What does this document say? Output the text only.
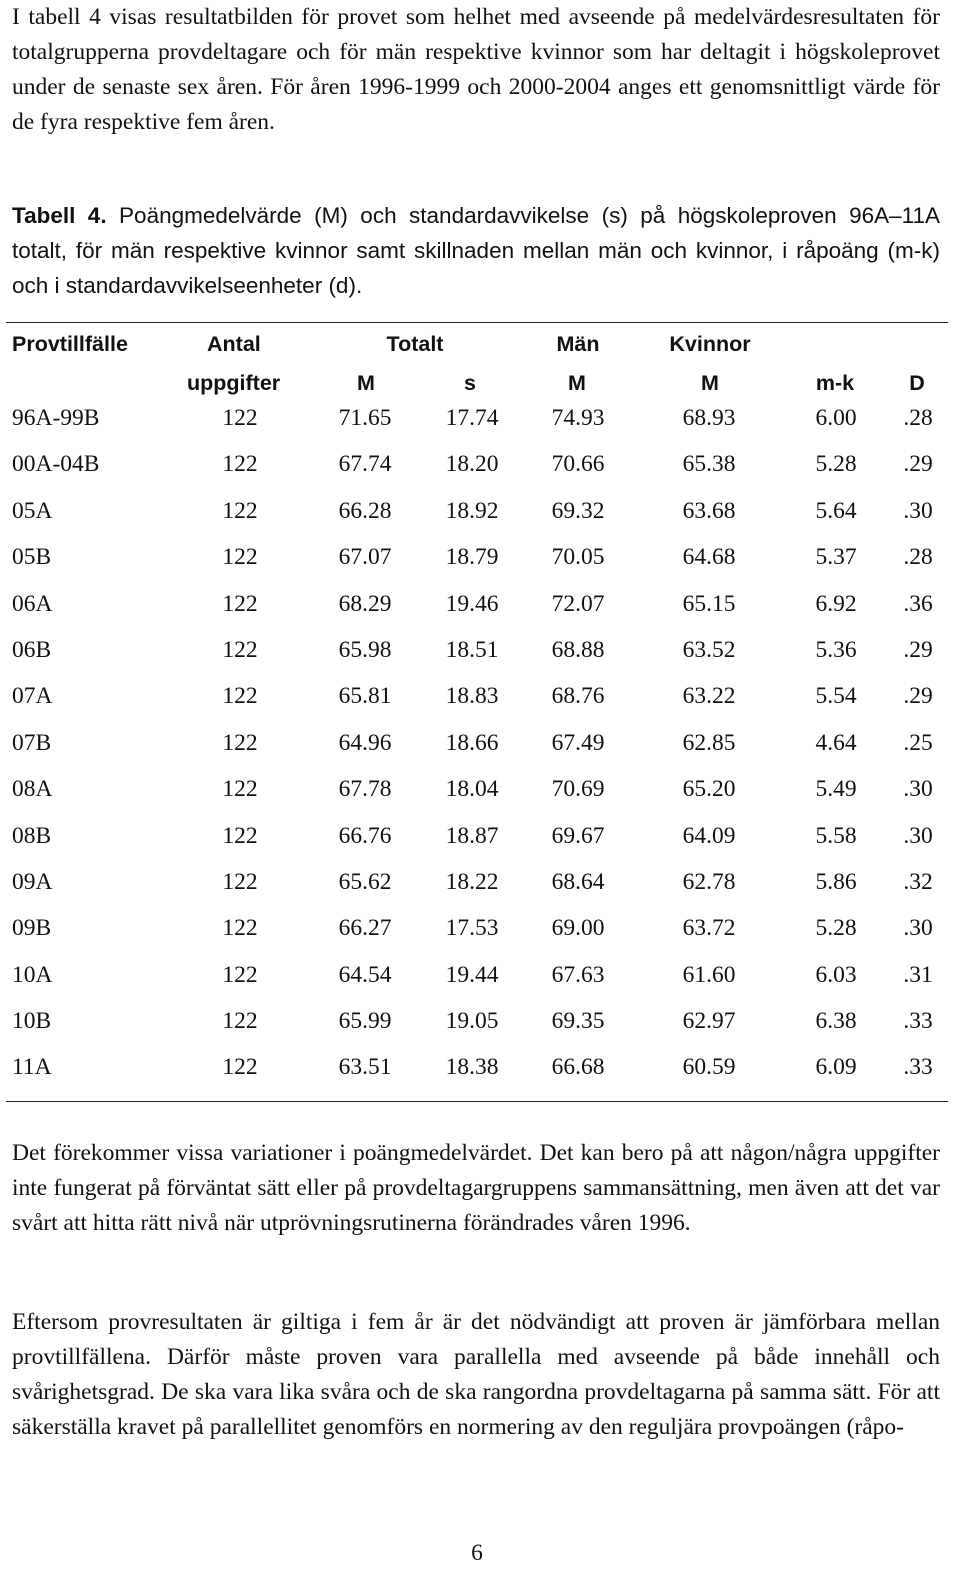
I tabell 4 visas resultatbilden för provet som helhet med avseende på medelvärdesresultaten för totalgrupperna provdeltagare och för män respektive kvinnor som har deltagit i högskoleprovet under de senaste sex åren. För åren 1996-1999 och 2000-2004 anges ett genomsnittligt värde för de fyra respektive fem åren.

Tabell 4. Poängmedelvärde (M) och standardavvikelse (s) på högskoleproven 96A–11A totalt, för män respektive kvinnor samt skillnaden mellan män och kvinnor, i råpoäng (m-k) och i standardavvikelseenheter (d).

Provtillfälle	Antal	Totalt	Män	Kvinnor
uppgifter	M	s	M	M	m-k	D
96A-99B	122	71.65 17.74 74.93	68.93	6.00 .28
00A-04B	122	67.74 18.20 70.66	65.38	5.28 .29
05A	122	66.28 18.92 69.32	63.68	5.64 .30
05B	122	67.07 18.79 70.05	64.68	5.37 .28
06A	122	68.29 19.46 72.07	65.15	6.92 .36
06B	122	65.98 18.51 68.88	63.52	5.36 .29
07A	122	65.81 18.83 68.76	63.22	5.54 .29
07B	122	64.96 18.66 67.49	62.85	4.64 .25
08A	122	67.78 18.04 70.69	65.20	5.49 .30
08B	122	66.76 18.87 69.67	64.09	5.58 .30
09A	122	65.62 18.22 68.64	62.78	5.86 .32
09B	122	66.27 17.53 69.00	63.72	5.28 .30
10A	122	64.54 19.44 67.63	61.60	6.03 .31
10B	122	65.99 19.05 69.35	62.97	6.38 .33
11A	122	63.51 18.38 66.68	60.59	6.09 .33

Det förekommer vissa variationer i poängmedelvärdet. Det kan bero på att någon/några uppgifter inte fungerat på förväntat sätt eller på provdeltagargruppens sammansättning, men även att det var svårt att hitta rätt nivå när utprövningsrutinerna förändrades våren 1996.

Eftersom provresultaten är giltiga i fem år är det nödvändigt att proven är jämförbara mellan provtillfällena. Därför måste proven vara parallella med avseende på både innehåll och svårighetsgrad. De ska vara lika svåra och de ska rangordna provdeltagarna på samma sätt. För att säkerställa kravet på parallellitet genomförs en normering av den reguljära provpoängen (råpo-

6
